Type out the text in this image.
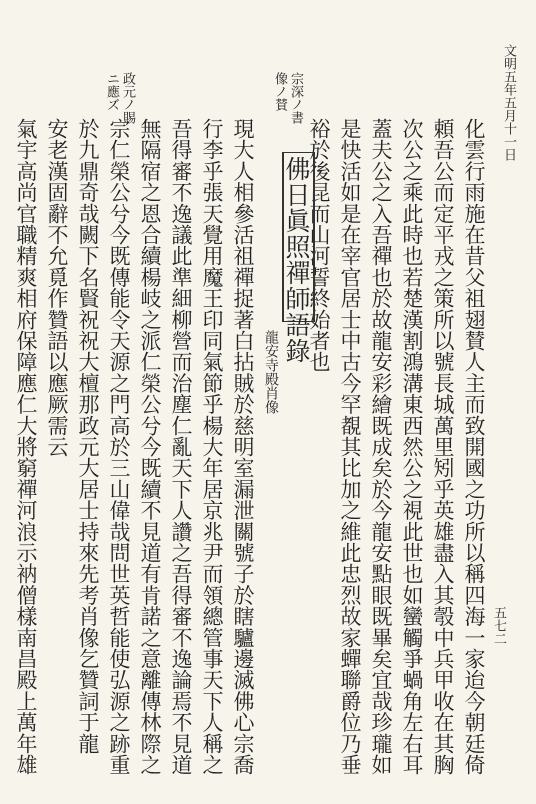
文明五年五月十一日
五七二
宗深ノ書
像ノ賛
政元ノ賜
ニ應ズ
化雲行雨施在昔父祖翅賛人主而致開國之功所以稱四海一家迨今朝廷倚
頼吾公而定平戎之策所以號長城萬里矧乎英雄盡入其彀中兵甲收在其胸
次公之乘此時也若楚漢割鴻溝東西然公之視此世也如蠻觸爭蝸角左右耳
蓋夫公之入吾禪也於故龍安彩繪既成矣於今龍安點眼既畢矣宜哉珍瓏如
是快活如是在宰官居士中古今罕覩其比加之維此忠烈故家蟬聯爵位乃垂
裕於後昆而山河誓終始者也
佛日眞照禪師語錄
龍安寺殿肖像
現大人相參活祖禪捉著白拈賊於慈明室漏泄關號子於瞎驢邊滅佛心宗喬
行李乎張天覺用魔王印同氣節乎楊大年居京兆尹而領總管事天下人稱之
吾得審不逸議此準細柳營而治塵仁亂天下人讚之吾得審不逸論焉不見道
無隔宿之恩合續楊岐之派仁榮公兮今既續不見道有肯諾之意離傳林際之
宗仁榮公兮今既傳能令天源之門高於三山偉哉問世英哲能使弘源之跡重
於九鼎奇哉闕下名賢祝祝大檀那政元大居士持來先考肖像乞贊詞于龍
安老漢固辭不允覓作贊語以應厥需云
氣宇高尚官職精爽相府保障應仁大將窮禪河浪示衲僧樣南昌殿上萬年雄
